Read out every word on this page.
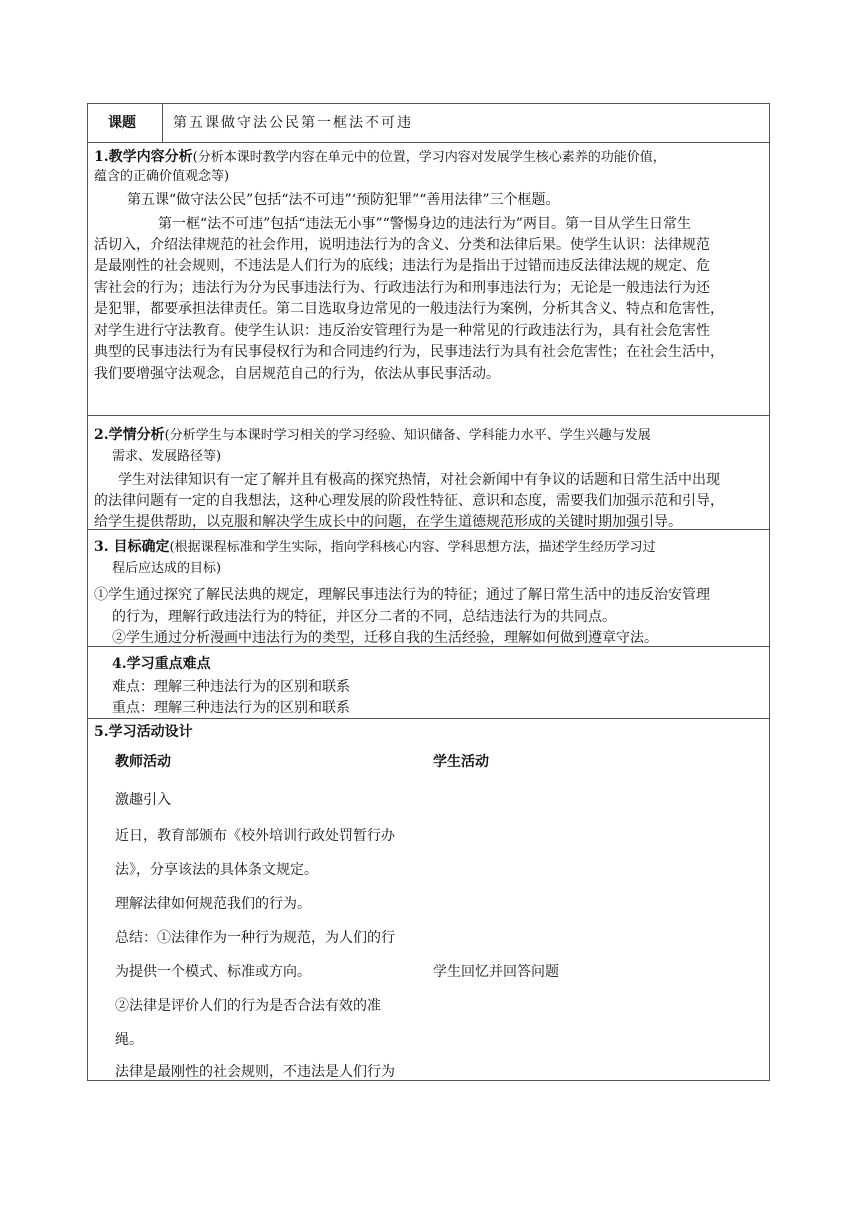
课题	第五课做守法公民第一框法不可违
1.教学内容分析(分析本课时教学内容在单元中的位置，学习内容对发展学生核心素养的功能价值，
蕴含的正确价值观念等)
第五课“做守法公民”包括“法不可违”‘预防犯罪”“善用法律”三个框题。
第一框“法不可违”包括“违法无小事”“警惕身边的违法行为”两目。第一目从学生日常生
活切入，介绍法律规范的社会作用，说明违法行为的含义、分类和法律后果。使学生认识：法律规范
是最刚性的社会规则，不违法是人们行为的底线；违法行为是指出于过错而违反法律法规的规定、危
害社会的行为；违法行为分为民事违法行为、行政违法行为和刑事违法行为；无论是一般违法行为还
是犯罪，都要承担法律责任。第二目选取身边常见的一般违法行为案例，分析其含义、特点和危害性，
对学生进行守法教育。使学生认识：违反治安管理行为是一种常见的行政违法行为，具有社会危害性
典型的民事违法行为有民事侵权行为和合同违约行为，民事违法行为具有社会危害性；在社会生活中，
我们要增强守法观念，自居规范自己的行为，依法从事民事活动。
2.学情分析(分析学生与本课时学习相关的学习经验、知识储备、学科能力水平、学生兴趣与发展
需求、发展路径等)
学生对法律知识有一定了解并且有极高的探究热情，对社会新闻中有争议的话题和日常生活中出现
的法律问题有一定的自我想法，这种心理发展的阶段性特征、意识和态度，需要我们加强示范和引导，
给学生提供帮助，以克服和解决学生成长中的问题，在学生道德规范形成的关键时期加强引导。
3. 目标确定(根据课程标准和学生实际，指向学科核心内容、学科思想方法，描述学生经历学习过
程后应达成的目标)
①学生通过探究了解民法典的规定，理解民事违法行为的特征；通过了解日常生活中的违反治安管理
的行为，理解行政违法行为的特征，并区分二者的不同，总结违法行为的共同点。
②学生通过分析漫画中违法行为的类型，迁移自我的生活经验，理解如何做到遵章守法。
4.学习重点难点
难点：理解三种违法行为的区别和联系
重点：理解三种违法行为的区别和联系
5.学习活动设计
教师活动	学生活动
激趣引入
近日，教育部颁布《校外培训行政处罚暂行办
法》，分享该法的具体条文规定。
理解法律如何规范我们的行为。
总结：①法律作为一种行为规范，为人们的行
为提供一个模式、标准或方向。
②法律是评价人们的行为是否合法有效的准
绳。
法律是最刚性的社会规则，不违法是人们行为
学生回忆并回答问题
